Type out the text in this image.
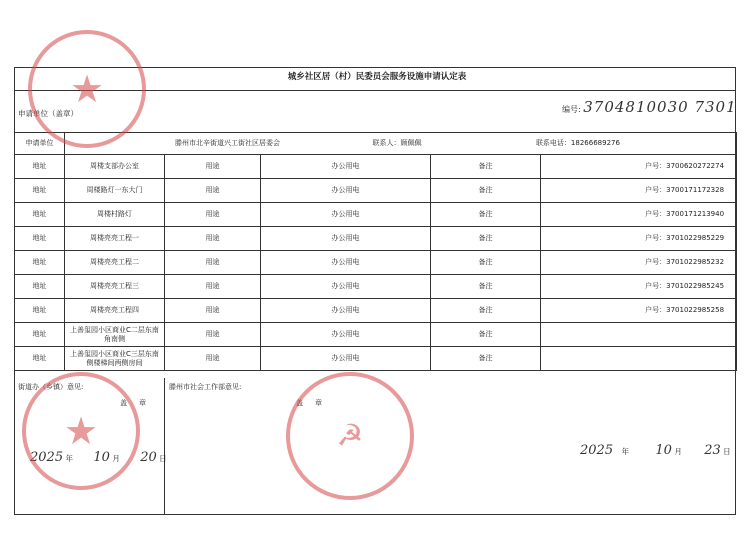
城乡社区居（村）民委员会服务设施申请认定表
申请单位（盖章）	编号: 3704810030 7301
申请单位	滕州市北辛街道兴工街社区居委会 联系人：顾佩佩 联系电话：18266689276				
地址	周楼支部办公室	用途	办公用电	备注	户号：3700620272274
地址	周楼路灯一东大门	用途	办公用电	备注	户号：3700171172328
地址	周楼村路灯	用途	办公用电	备注	户号：3700171213940
地址	周楼亮亮工程一	用途	办公用电	备注	户号：3701022985229
地址	周楼亮亮工程二	用途	办公用电	备注	户号：3701022985232
地址	周楼亮亮工程三	用途	办公用电	备注	户号：3701022985245
地址	周楼亮亮工程四	用途	办公用电	备注	户号：3701022985258
地址	上善玺园小区商业C二层东南角南侧	用途	办公用电	备注	
地址	上善玺园小区商业C三层东南侧楼梯间两侧房间	用途	办公用电	备注	
街道办（乡镇）意见:
盖章
2025 年 10 月 20 日
滕州市社会工作部意见:
盖章
2025 年 10 月 23 日
★
★	☭
